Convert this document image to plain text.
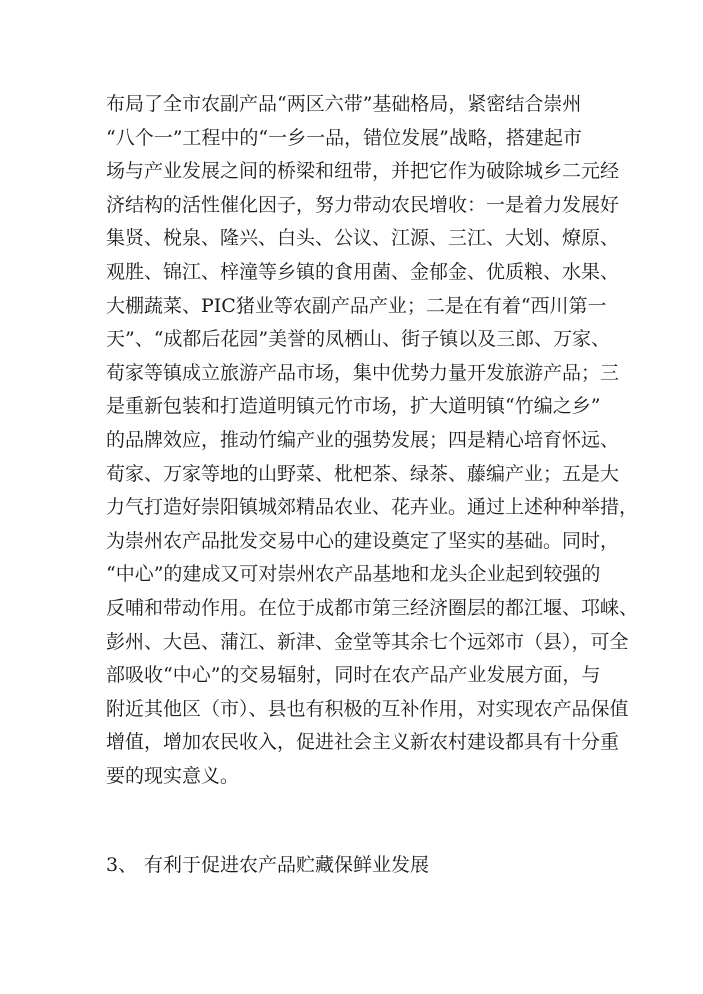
布局了全市农副产品“两区六带”基础格局，紧密结合崇州
“八个一”工程中的“一乡一品，错位发展”战略，搭建起市
场与产业发展之间的桥梁和纽带，并把它作为破除城乡二元经
济结构的活性催化因子，努力带动农民增收：一是着力发展好
集贤、梲泉、隆兴、白头、公议、江源、三江、大划、燎原、
观胜、锦江、梓潼等乡镇的食用菌、金郁金、优质粮、水果、
大棚蔬菜、PIC猪业等农副产品产业；二是在有着“西川第一
天”、“成都后花园”美誉的凤栖山、街子镇以及三郎、万家、
荀家等镇成立旅游产品市场，集中优势力量开发旅游产品；三
是重新包装和打造道明镇元竹市场，扩大道明镇“竹编之乡”
的品牌效应，推动竹编产业的强势发展；四是精心培育怀远、
荀家、万家等地的山野菜、枇杷茶、绿茶、藤编产业；五是大
力气打造好崇阳镇城郊精品农业、花卉业。通过上述种种举措，
为崇州农产品批发交易中心的建设奠定了坚实的基础。同时，
“中心”的建成又可对崇州农产品基地和龙头企业起到较强的
反哺和带动作用。在位于成都市第三经济圈层的都江堰、邛崃、
彭州、大邑、蒲江、新津、金堂等其余七个远郊市（县），可全
部吸收“中心”的交易辐射，同时在农产品产业发展方面，与
附近其他区（市）、县也有积极的互补作用，对实现农产品保值
增值，增加农民收入，促进社会主义新农村建设都具有十分重
要的现实意义。
3、 有利于促进农产品贮藏保鲜业发展
